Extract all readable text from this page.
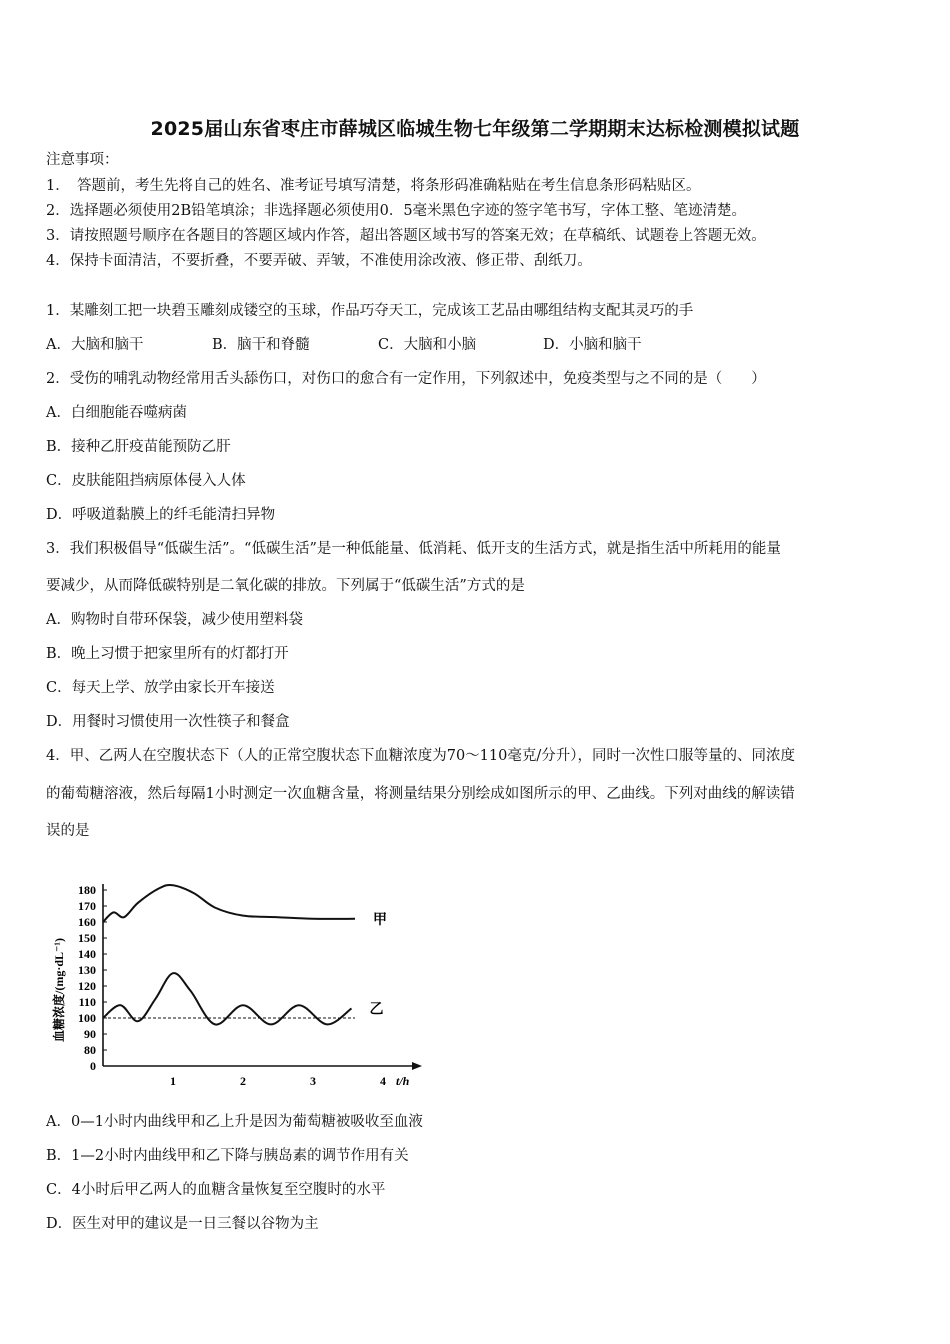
2025届山东省枣庄市薛城区临城生物七年级第二学期期末达标检测模拟试题
注意事项：
1．　答题前，考生先将自己的姓名、准考证号填写清楚，将条形码准确粘贴在考生信息条形码粘贴区。
2．选择题必须使用2B铅笔填涂；非选择题必须使用0．5毫米黑色字迹的签字笔书写，字体工整、笔迹清楚。
3．请按照题号顺序在各题目的答题区域内作答，超出答题区域书写的答案无效；在草稿纸、试题卷上答题无效。
4．保持卡面清洁，不要折叠，不要弄破、弄皱，不准使用涂改液、修正带、刮纸刀。
1．某雕刻工把一块碧玉雕刻成镂空的玉球，作品巧夺天工，完成该工艺品由哪组结构支配其灵巧的手
A．大脑和脑干	B．脑干和脊髓	C．大脑和小脑	D．小脑和脑干
2．受伤的哺乳动物经常用舌头舔伤口，对伤口的愈合有一定作用，下列叙述中，免疫类型与之不同的是（　　）
A．白细胞能吞噬病菌
B．接种乙肝疫苗能预防乙肝
C．皮肤能阻挡病原体侵入人体
D．呼吸道黏膜上的纤毛能清扫异物
3．我们积极倡导“低碳生活”。“低碳生活”是一种低能量、低消耗、低开支的生活方式，就是指生活中所耗用的能量
要减少，从而降低碳特别是二氧化碳的排放。下列属于“低碳生活”方式的是
A．购物时自带环保袋，减少使用塑料袋
B．晚上习惯于把家里所有的灯都打开
C．每天上学、放学由家长开车接送
D．用餐时习惯使用一次性筷子和餐盒
4．甲、乙两人在空腹状态下（人的正常空腹状态下血糖浓度为70～110毫克/分升），同时一次性口服等量的、同浓度
的葡萄糖溶液，然后每隔1小时测定一次血糖含量，将测量结果分别绘成如图所示的甲、乙曲线。下列对曲线的解读错
误的是
血糖浓度/(mg·dL⁻¹)
0
80
90
100
110
120
130
140
150
160
170
180
1	2	3	4
甲
乙
t/h
A．0—1小时内曲线甲和乙上升是因为葡萄糖被吸收至血液
B．1—2小时内曲线甲和乙下降与胰岛素的调节作用有关
C．4小时后甲乙两人的血糖含量恢复至空腹时的水平
D．医生对甲的建议是一日三餐以谷物为主
